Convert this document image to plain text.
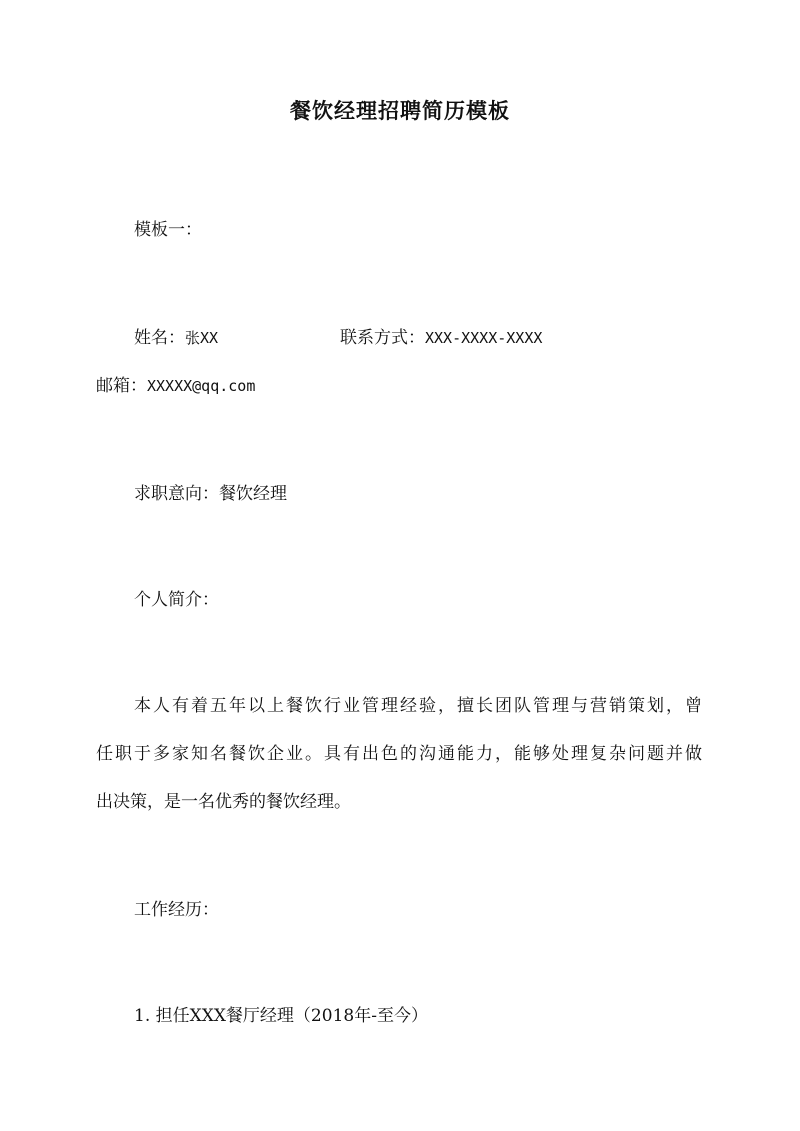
餐饮经理招聘简历模板
模板一：
姓名：张XX	联系方式：XXX-XXXX-XXXX
邮箱：XXXXX@qq.com
求职意向：餐饮经理
个人简介：
本人有着五年以上餐饮行业管理经验，擅长团队管理与营销策划，曾
任职于多家知名餐饮企业。具有出色的沟通能力，能够处理复杂问题并做
出决策，是一名优秀的餐饮经理。
工作经历：
1. 担任XXX餐厅经理（2018年-至今）
